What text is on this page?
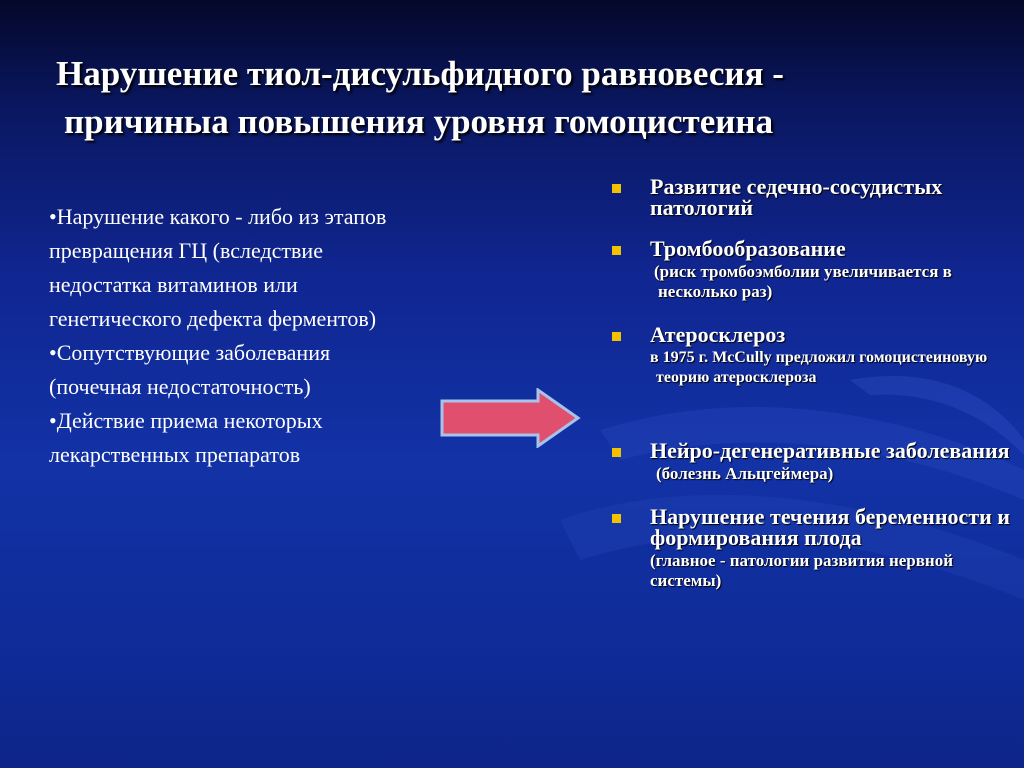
Нарушение тиол-дисульфидного равновесия -
причиныа повышения уровня гомоцистеина

•Нарушение какого - либо из этапов превращения ГЦ (вследствие недостатка витаминов или генетического дефекта ферментов)

•Сопутствующие заболевания (почечная недостаточность)

•Действие приема некоторых лекарственных препаратов

Развитие седечно-сосудистых патологий
Тромбообразование
(риск тромбоэмболии увеличивается в несколько раз)
Атеросклероз
в 1975 г. McCully предложил гомоцистеиновую теорию атеросклероза
Нейро-дегенеративные заболевания
(болезнь Альцгеймера)
Нарушение течения беременности и формирования плода
(главное - патологии развития нервной системы)
